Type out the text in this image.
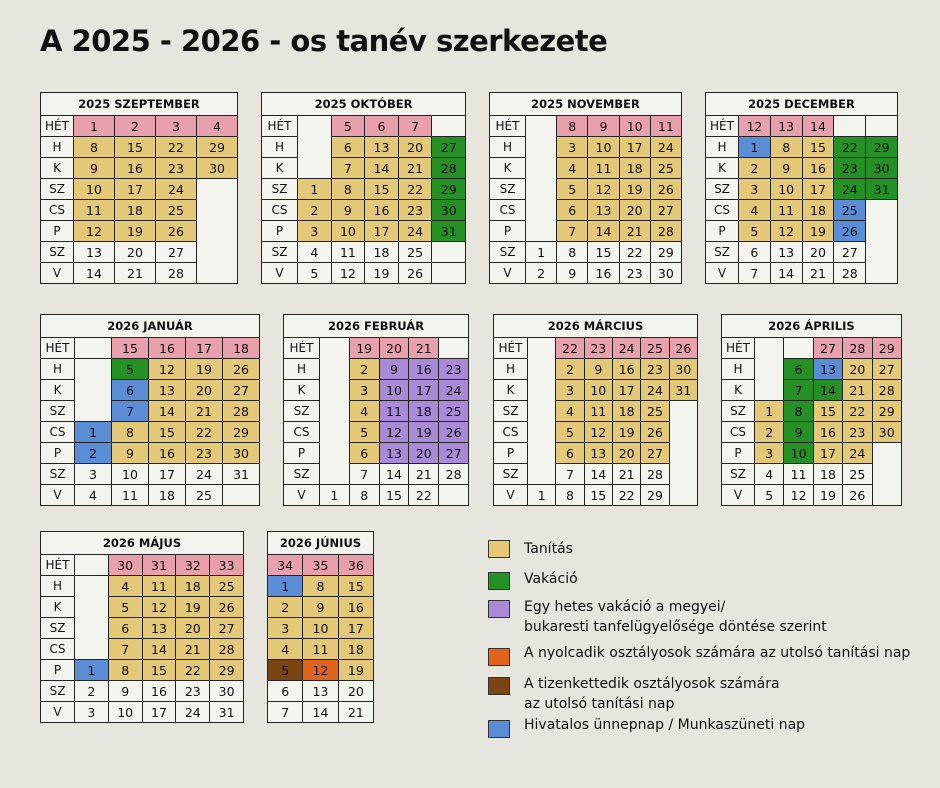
A 2025 - 2026 - os tanév szerkezete
2025 SZEPTEMBER				
HÉT	1	2	3	4
H	8	15	22	29
K	9	16	23	30
SZ	10	17	24	
CS	11	18	25	
P	12	19	26	
SZ	13	20	27	
V	14	21	28	
2025 OKTÓBER					
HÉT		5	6	7	
H		6	13	20	27
K		7	14	21	28
SZ	1	8	15	22	29
CS	2	9	16	23	30
P	3	10	17	24	31
SZ	4	11	18	25	
V	5	12	19	26	
2025 NOVEMBER					
HÉT		8	9	10	11
H		3	10	17	24
K		4	11	18	25
SZ		5	12	19	26
CS		6	13	20	27
P		7	14	21	28
SZ	1	8	15	22	29
V	2	9	16	23	30
2025 DECEMBER					
HÉT	12	13	14		
H	1	8	15	22	29
K	2	9	16	23	30
SZ	3	10	17	24	31
CS	4	11	18	25	
P	5	12	19	26	
SZ	6	13	20	27	
V	7	14	21	28	
2026 JANUÁR					
HÉT		15	16	17	18
H		5	12	19	26
K		6	13	20	27
SZ		7	14	21	28
CS	1	8	15	22	29
P	2	9	16	23	30
SZ	3	10	17	24	31
V	4	11	18	25	
2026 FEBRUÁR					
HÉT		19	20	21	
H		2	9	16	23
K		3	10	17	24
SZ		4	11	18	25
CS		5	12	19	26
P		6	13	20	27
SZ		7	14	21	28
V	1	8	15	22	
2026 MÁRCIUS						
HÉT		22	23	24	25	26
H		2	9	16	23	30
K		3	10	17	24	31
SZ		4	11	18	25	
CS		5	12	19	26	
P		6	13	20	27	
SZ		7	14	21	28	
V	1	8	15	22	29	
2026 ÁPRILIS					
HÉT			27	28	29
H		6	13	20	27
K		7	14	21	28
SZ	1	8	15	22	29
CS	2	9	16	23	30
P	3	10	17	24	
SZ	4	11	18	25	
V	5	12	19	26	
2026 MÁJUS					
HÉT		30	31	32	33
H		4	11	18	25
K		5	12	19	26
SZ		6	13	20	27
CS		7	14	21	28
P	1	8	15	22	29
SZ	2	9	16	23	30
V	3	10	17	24	31
2026 JÚNIUS		
34	35	36
1	8	15
2	9	16
3	10	17
4	11	18
5	12	19
6	13	20
7	14	21
Tanítás
Vakáció
Egy hetes vakáció a megyei/
bukaresti tanfelügyelősége döntése szerint
A nyolcadik osztályosok számára az utolsó tanítási nap
A tizenkettedik osztályosok számára
az utolsó tanítási nap
Hivatalos ünnepnap / Munkaszüneti nap
